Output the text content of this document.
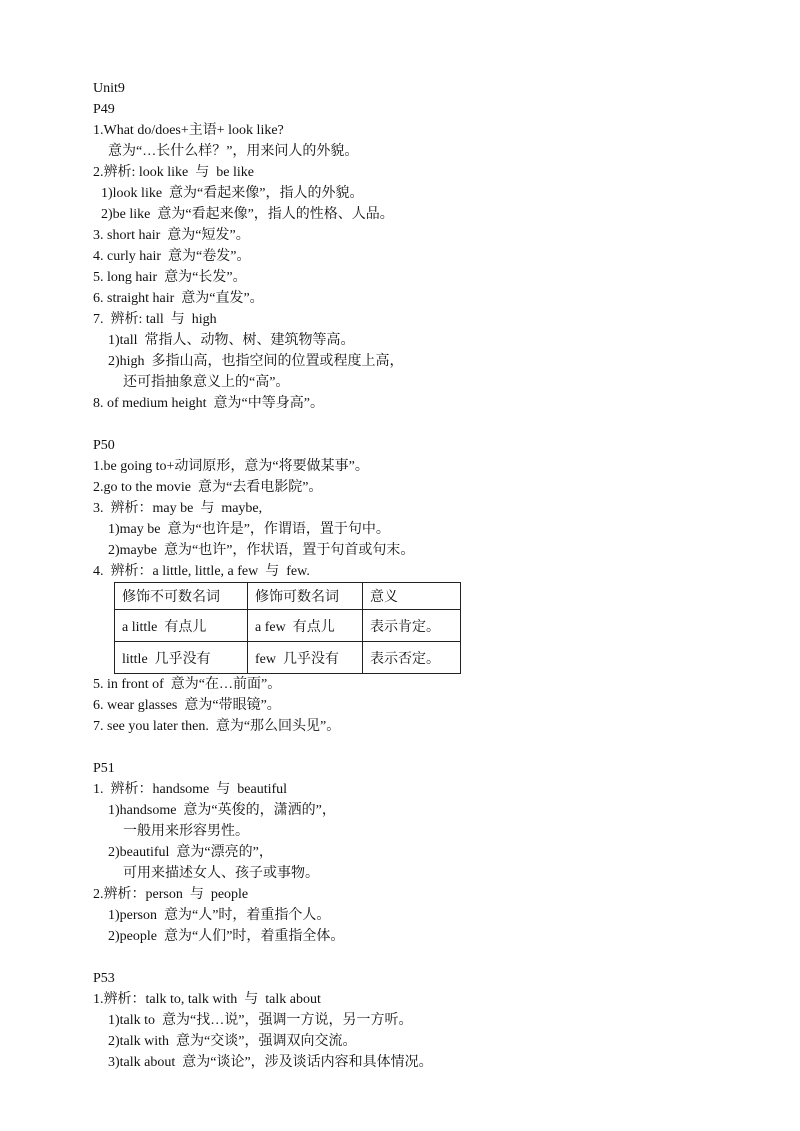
Unit9
P49
1.What do/does+主语+ look like?
意为“…长什么样？”，用来问人的外貌。
2.辨析: look like  与  be like
1)look like  意为“看起来像”，指人的外貌。
2)be like  意为“看起来像”，指人的性格、人品。
3. short hair  意为“短发”。
4. curly hair  意为“卷发”。
5. long hair  意为“长发”。
6. straight hair  意为“直发”。
7.  辨析: tall  与  high
1)tall  常指人、动物、树、建筑物等高。
2)high  多指山高，也指空间的位置或程度上高，
还可指抽象意义上的“高”。
8. of medium height  意为“中等身高”。
P50
1.be going to+动词原形，意为“将要做某事”。
2.go to the movie  意为“去看电影院”。
3.  辨析：may be  与  maybe,
1)may be  意为“也许是”，作谓语，置于句中。
2)maybe  意为“也许”，作状语，置于句首或句末。
4.  辨析：a little, little, a few  与  few.
修饰不可数名词	修饰可数名词	意义
a little  有点儿	a few  有点儿	表示肯定。
little  几乎没有	few  几乎没有	表示否定。
5. in front of  意为“在…前面”。
6. wear glasses  意为“带眼镜”。
7. see you later then.  意为“那么回头见”。
P51
1.  辨析：handsome  与  beautiful
1)handsome  意为“英俊的，潇洒的”，
一般用来形容男性。
2)beautiful  意为“漂亮的”，
可用来描述女人、孩子或事物。
2.辨析：person  与  people
1)person  意为“人”时，着重指个人。
2)people  意为“人们”时，着重指全体。
P53
1.辨析：talk to, talk with  与  talk about
1)talk to  意为“找…说”，强调一方说，另一方听。
2)talk with  意为“交谈”，强调双向交流。
3)talk about  意为“谈论”，涉及谈话内容和具体情况。
